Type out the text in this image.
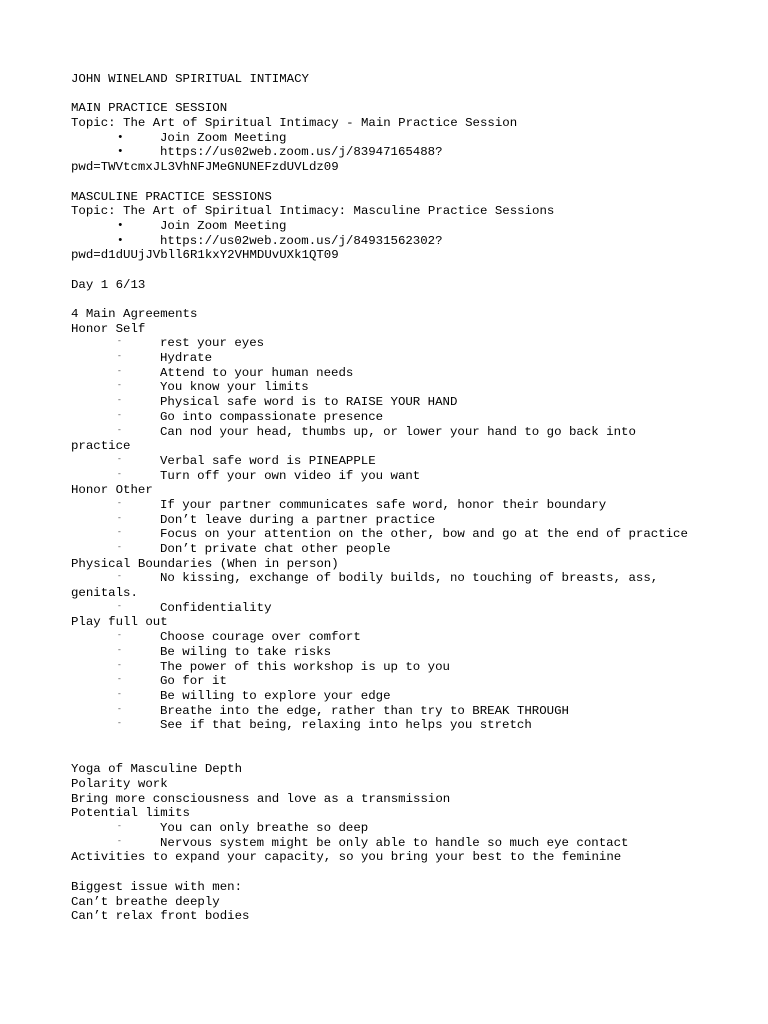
JOHN WINELAND SPIRITUAL INTIMACY
MAIN PRACTICE SESSION
Topic: The Art of Spiritual Intimacy - Main Practice Session

•

	Join Zoom Meeting

•

	https://us02web.zoom.us/j/83947165488?

pwd=TWVtcmxJL3VhNFJMeGNUNEFzdUVLdz09
MASCULINE PRACTICE SESSIONS
Topic: The Art of Spiritual Intimacy: Masculine Practice Sessions

•

	Join Zoom Meeting

•

	https://us02web.zoom.us/j/84931562302?

pwd=d1dUUjJVbll6R1kxY2VHMDUvUXk1QT09
Day 1 6/13
4 Main Agreements
Honor Self
-	rest your eyes
-	Hydrate
-	Attend to your human needs
-	You know your limits
-	Physical safe word is to RAISE YOUR HAND
-	Go into compassionate presence
-	Can nod your head, thumbs up, or lower your hand to go back into
practice
-	Verbal safe word is PINEAPPLE
-	Turn off your own video if you want
Honor Other
-	If your partner communicates safe word, honor their boundary
-	Don’t leave during a partner practice
-	Focus on your attention on the other, bow and go at the end of practice
-	Don’t private chat other people
Physical Boundaries (When in person)
-	No kissing, exchange of bodily builds, no touching of breasts, ass,
genitals.
-	Confidentiality
Play full out
-	Choose courage over comfort
-	Be wiling to take risks
-	The power of this workshop is up to you
-	Go for it
-	Be willing to explore your edge
-	Breathe into the edge, rather than try to BREAK THROUGH
-	See if that being, relaxing into helps you stretch
Yoga of Masculine Depth
Polarity work
Bring more consciousness and love as a transmission
Potential limits
-	You can only breathe so deep
-	Nervous system might be only able to handle so much eye contact
Activities to expand your capacity, so you bring your best to the feminine
Biggest issue with men:
Can’t breathe deeply
Can’t relax front bodies
